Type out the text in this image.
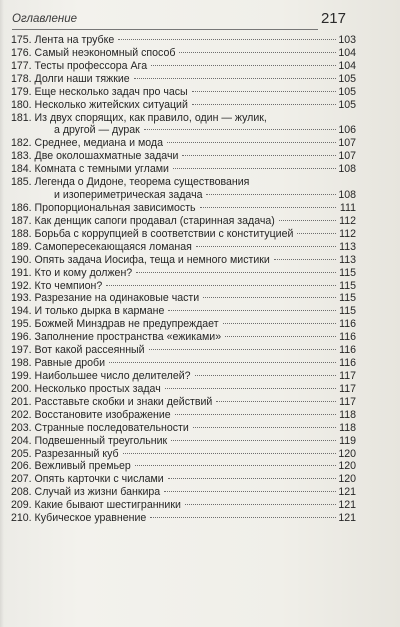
Оглавление	217
175. Лента на трубке	103
176. Самый неэкономный способ	104
177. Тесты профессора Ага	104
178. Долги наши тяжкие	105
179. Еще несколько задач про часы	105
180. Несколько житейских ситуаций	105
181. Из двух спорящих, как правило, один — жулик,
а другой — дурак	106
182. Среднее, медиана и мода	107
183. Две околошахматные задачи	107
184. Комната с темными углами	108
185. Легенда о Дидоне, теорема существования
и изопериметрическая задача	108
186. Пропорциональная зависимость	111
187. Как денщик сапоги продавал (старинная задача)	112
188. Борьба с коррупцией в соответствии с конституцией	112
189. Самопересекающаяся ломаная	113
190. Опять задача Иосифа, теща и немного мистики	113
191. Кто и кому должен?	115
192. Кто чемпион?	115
193. Разрезание на одинаковые части	115
194. И только дырка в кармане	115
195. Божмей Минздрав не предупреждает	116
196. Заполнение пространства «ежиками»	116
197. Вот какой рассеянный	116
198. Равные дроби	116
199. Наибольшее число делителей?	117
200. Несколько простых задач	117
201. Расставьте скобки и знаки действий	117
202. Восстановите изображение	118
203. Странные последовательности	118
204. Подвешенный треугольник	119
205. Разрезанный куб	120
206. Вежливый премьер	120
207. Опять карточки с числами	120
208. Случай из жизни банкира	121
209. Какие бывают шестигранники	121
210. Кубическое уравнение	121
